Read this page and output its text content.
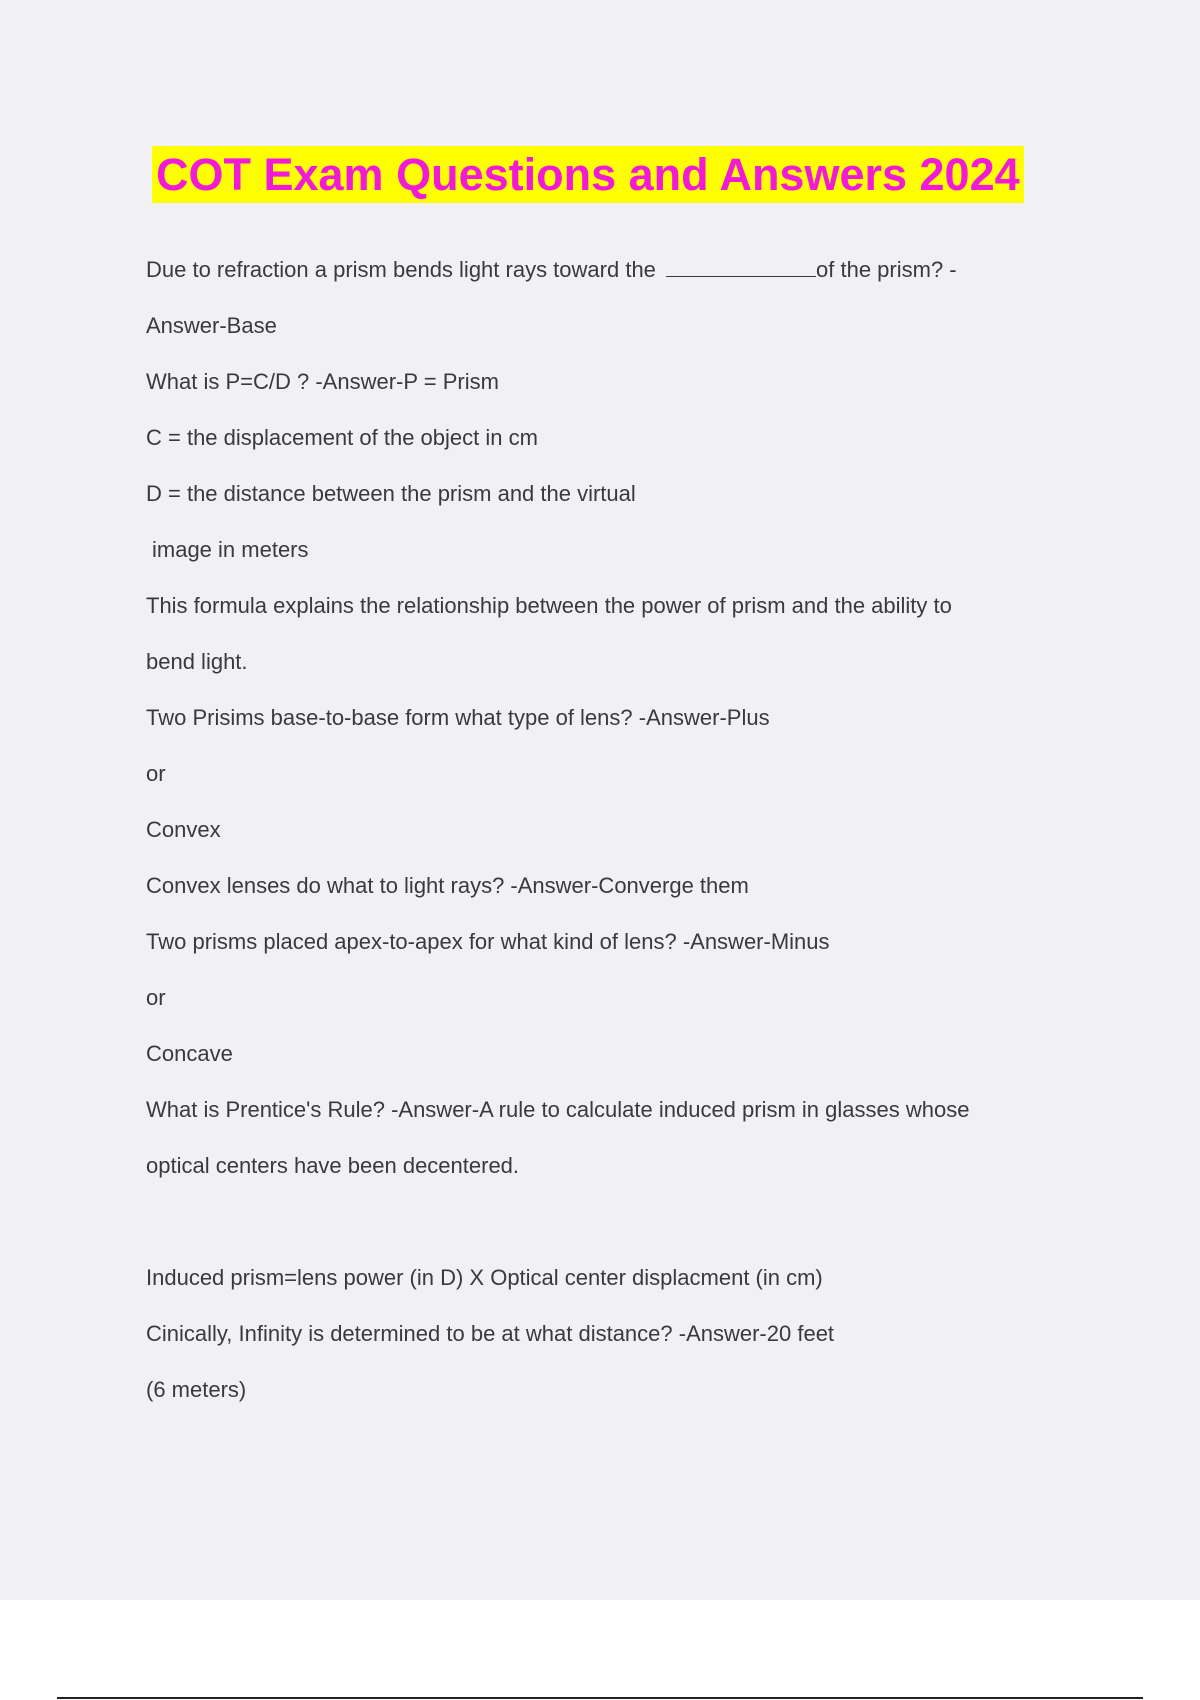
COT Exam Questions and Answers 2024
Due to refraction a prism bends light rays toward the	of the prism? -
Answer-Base
What is P=C/D ? -Answer-P = Prism
C = the displacement of the object in cm
D = the distance between the prism and the virtual
image in meters
This formula explains the relationship between the power of prism and the ability to
bend light.
Two Prisims base-to-base form what type of lens? -Answer-Plus
or
Convex
Convex lenses do what to light rays? -Answer-Converge them
Two prisms placed apex-to-apex for what kind of lens? -Answer-Minus
or
Concave
What is Prentice's Rule? -Answer-A rule to calculate induced prism in glasses whose
optical centers have been decentered.
Induced prism=lens power (in D) X Optical center displacment (in cm)
Cinically, Infinity is determined to be at what distance? -Answer-20 feet
(6 meters)
